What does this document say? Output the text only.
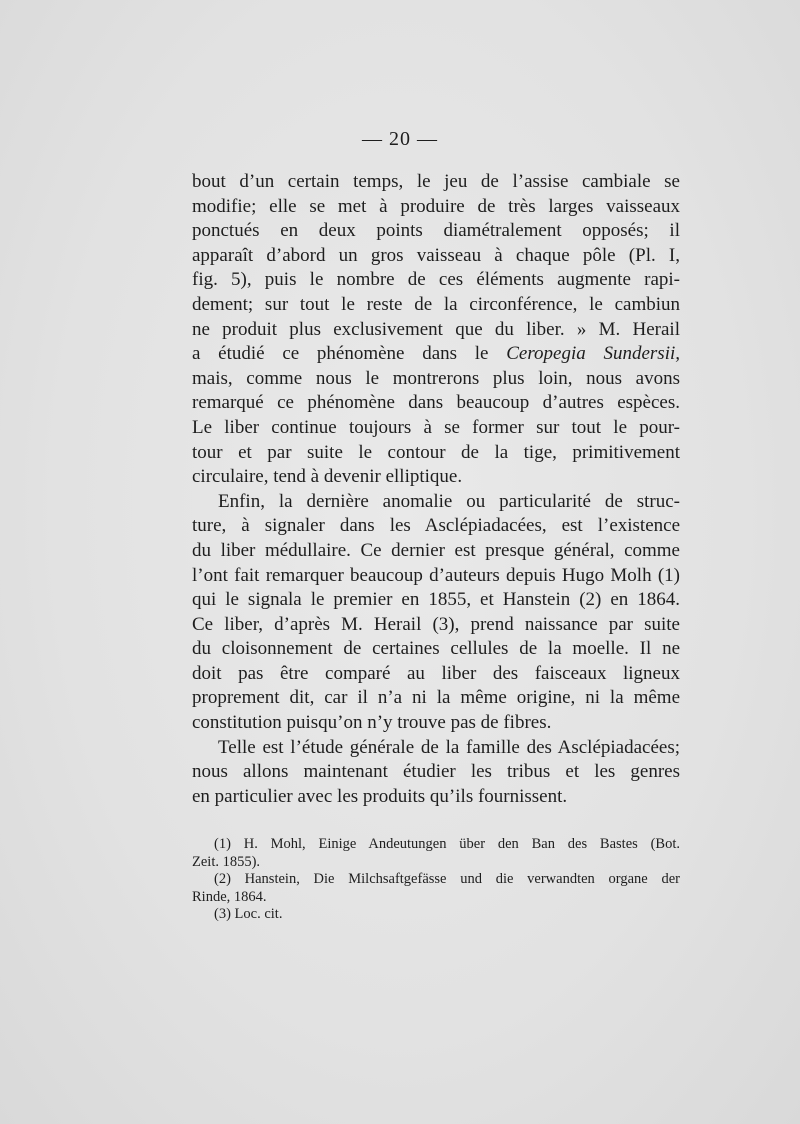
— 20 —
bout d’un certain temps, le jeu de l’assise cambiale se
modifie; elle se met à produire de très larges vaisseaux
ponctués en deux points diamétralement opposés; il
apparaît d’abord un gros vaisseau à chaque pôle (Pl. I,
fig. 5), puis le nombre de ces éléments augmente rapi-
dement; sur tout le reste de la circonférence, le cambiun
ne produit plus exclusivement que du liber. » M. Herail
a étudié ce phénomène dans le Ceropegia Sundersii,
mais, comme nous le montrerons plus loin, nous avons
remarqué ce phénomène dans beaucoup d’autres espèces.
Le liber continue toujours à se former sur tout le pour-
tour et par suite le contour de la tige, primitivement
circulaire, tend à devenir elliptique.
Enfin, la dernière anomalie ou particularité de struc-
ture, à signaler dans les Asclépiadacées, est l’existence
du liber médullaire. Ce dernier est presque général, comme
l’ont fait remarquer beaucoup d’auteurs depuis Hugo Molh (1)
qui le signala le premier en 1855, et Hanstein (2) en 1864.
Ce liber, d’après M. Herail (3), prend naissance par suite
du cloisonnement de certaines cellules de la moelle. Il ne
doit pas être comparé au liber des faisceaux ligneux
proprement dit, car il n’a ni la même origine, ni la même
constitution puisqu’on n’y trouve pas de fibres.
Telle est l’étude générale de la famille des Asclépiadacées;
nous allons maintenant étudier les tribus et les genres
en particulier avec les produits qu’ils fournissent.
(1) H. Mohl, Einige Andeutungen über den Ban des Bastes (Bot.
Zeit. 1855).
(2) Hanstein, Die Milchsaftgefässe und die verwandten organe der
Rinde, 1864.
(3) Loc. cit.
